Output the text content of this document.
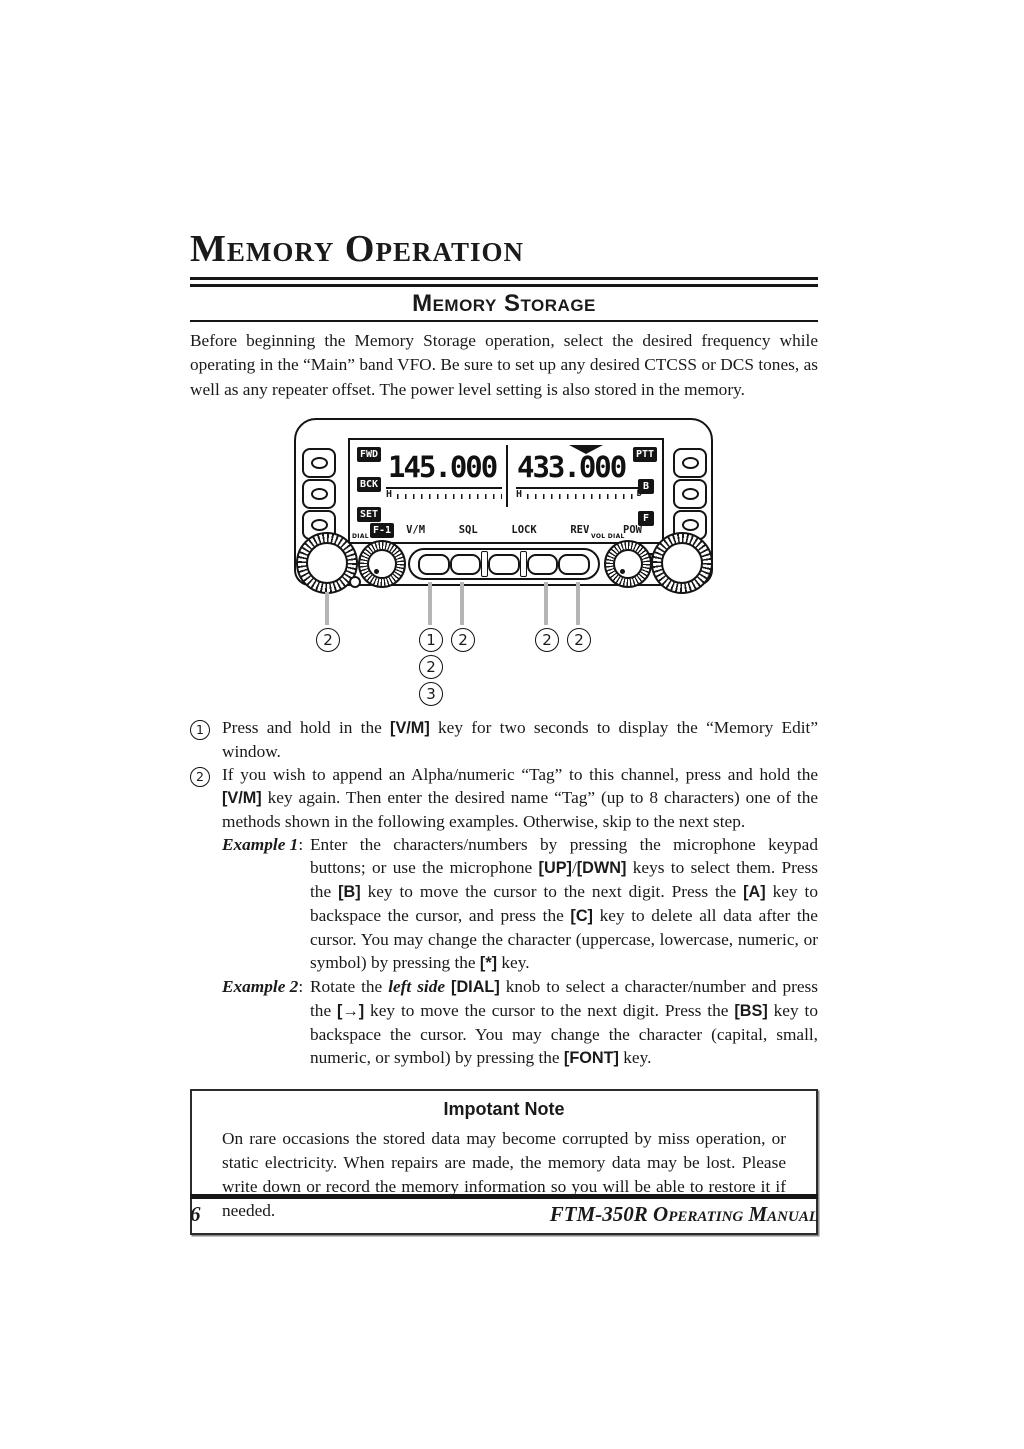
Memory Operation
Memory Storage

Before beginning the Memory Storage operation, select the desired frequency while operating in the “Main” band VFO. Be sure to set up any desired CTCSS or DCS tones, as well as any repeater offset. The power level setting is also stored in the memory.

FWD
BCK
SET
PTT
B
F
145.000 433.000
H	H	D
F-1 V/M	SQL	LOCK	REV	POW
DIAL VOL	VOL DIAL
2	1	2	2	2
2
3
1	Press and hold in the [V/M] key for two seconds to display the “Memory Edit” window.
2	If you wish to append an Alpha/numeric “Tag” to this channel, press and hold the [V/M] key again. Then enter the desired name “Tag” (up to 8 characters) one of the methods shown in the following examples. Otherwise, skip to the next step.
Example 1: Enter the characters/numbers by pressing the microphone keypad buttons; or use the microphone [UP]/[DWN] keys to select them. Press the [B] key to move the cursor to the next digit. Press the [A] key to backspace the cursor, and press the [C] key to delete all data after the cursor. You may change the character (uppercase, lowercase, numeric, or symbol) by pressing the [*] key.
Example 2: Rotate the left side [DIAL] knob to select a character/number and press the [→] key to move the cursor to the next digit. Press the [BS] key to backspace the cursor. You may change the character (capital, small, numeric, or symbol) by pressing the [FONT] key.
Impotant Note
On rare occasions the stored data may become corrupted by miss operation, or static electricity. When repairs are made, the memory data may be lost. Please write down or record the memory information so you will be able to restore it if needed.
6	FTM-350R Operating Manual
